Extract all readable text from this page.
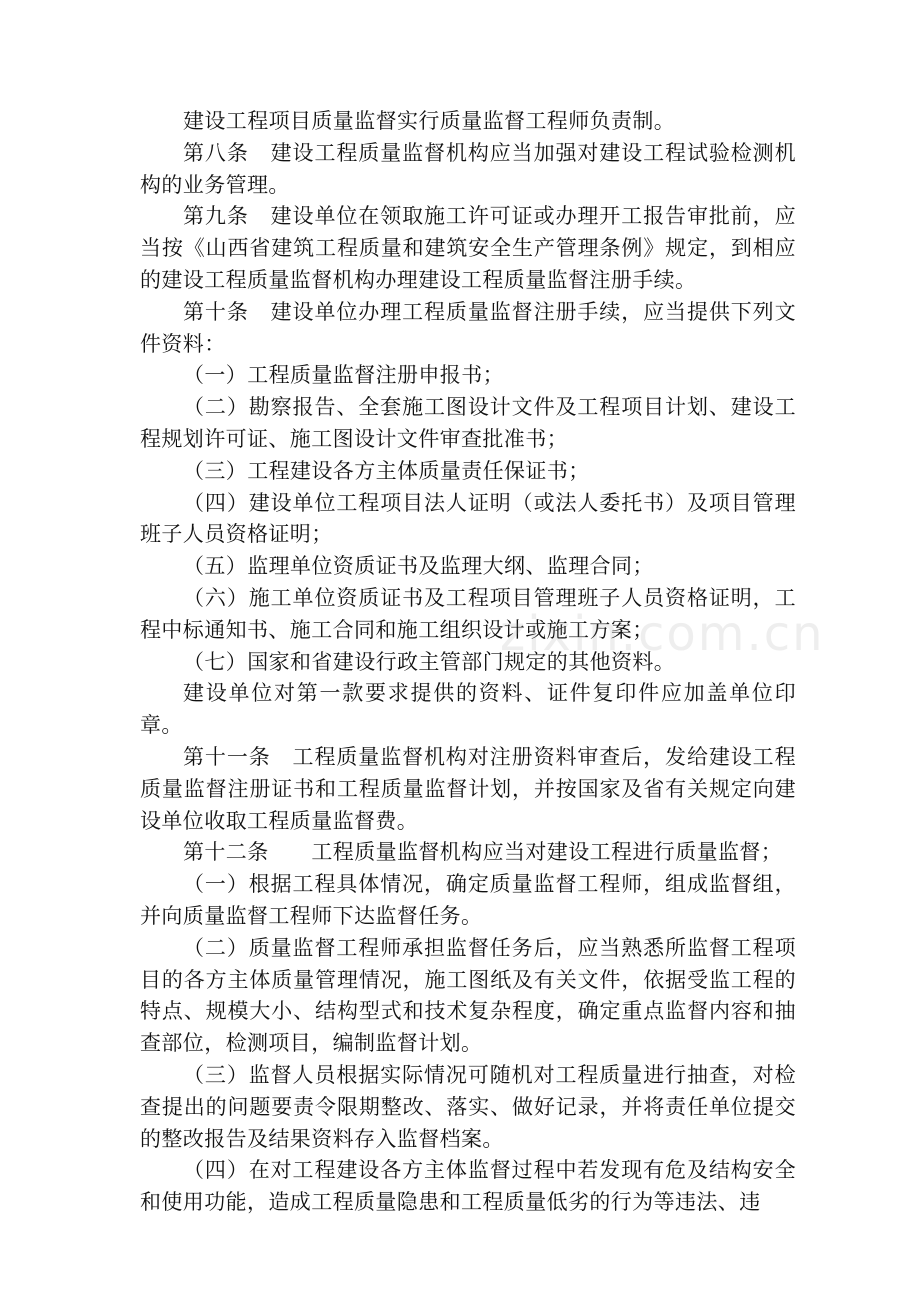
建设工程项目质量监督实行质量监督工程师负责制。

第八条　建设工程质量监督机构应当加强对建设工程试验检测机构的业务管理。

第九条　建设单位在领取施工许可证或办理开工报告审批前，应当按《山西省建筑工程质量和建筑安全生产管理条例》规定，到相应的建设工程质量监督机构办理建设工程质量监督注册手续。

第十条　建设单位办理工程质量监督注册手续，应当提供下列文件资料：

（一）工程质量监督注册申报书；

（二）勘察报告、全套施工图设计文件及工程项目计划、建设工程规划许可证、施工图设计文件审查批准书；

（三）工程建设各方主体质量责任保证书；

（四）建设单位工程项目法人证明（或法人委托书）及项目管理班子人员资格证明；

（五）监理单位资质证书及监理大纲、监理合同；

（六）施工单位资质证书及工程项目管理班子人员资格证明，工程中标通知书、施工合同和施工组织设计或施工方案；

（七）国家和省建设行政主管部门规定的其他资料。

建设单位对第一款要求提供的资料、证件复印件应加盖单位印章。

第十一条　工程质量监督机构对注册资料审查后，发给建设工程质量监督注册证书和工程质量监督计划，并按国家及省有关规定向建设单位收取工程质量监督费。

第十二条　　工程质量监督机构应当对建设工程进行质量监督；

（一）根据工程具体情况，确定质量监督工程师，组成监督组，并向质量监督工程师下达监督任务。

（二）质量监督工程师承担监督任务后，应当熟悉所监督工程项目的各方主体质量管理情况，施工图纸及有关文件，依据受监工程的特点、规模大小、结构型式和技术复杂程度，确定重点监督内容和抽查部位，检测项目，编制监督计划。

（三）监督人员根据实际情况可随机对工程质量进行抽查，对检查提出的问题要责令限期整改、落实、做好记录，并将责任单位提交的整改报告及结果资料存入监督档案。

（四）在对工程建设各方主体监督过程中若发现有危及结构安全和使用功能，造成工程质量隐患和工程质量低劣的行为等违法、违

zixin.com.cn
